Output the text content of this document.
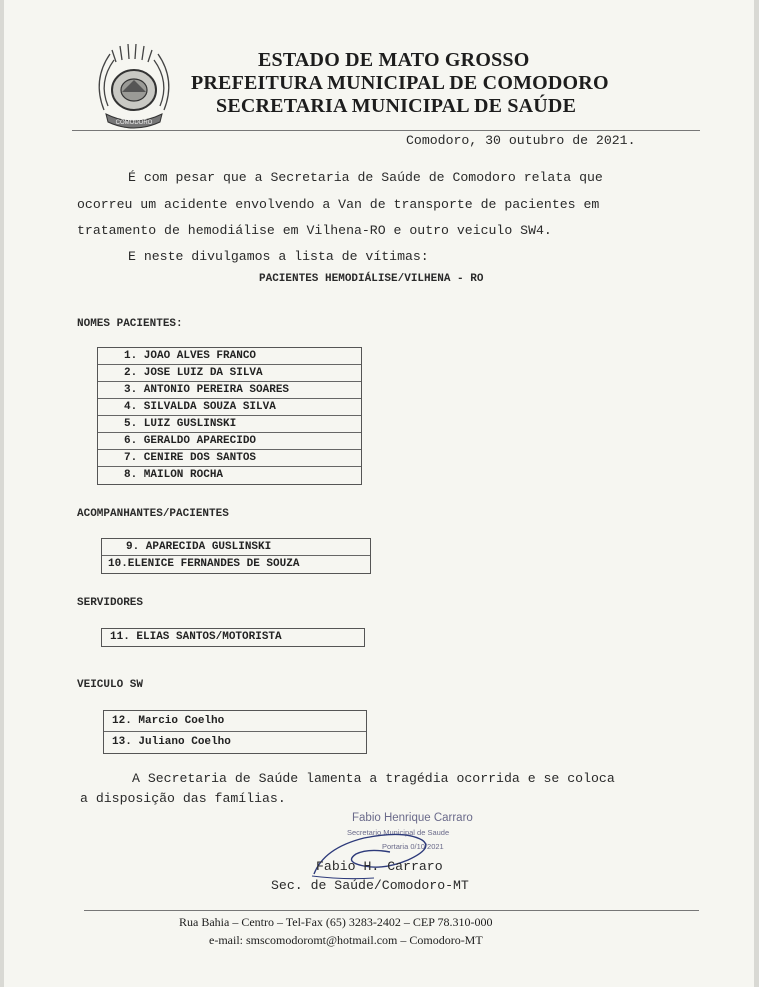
COMODORO
ESTADO DE MATO GROSSO
PREFEITURA MUNICIPAL DE COMODORO
SECRETARIA MUNICIPAL DE SAÚDE
Comodoro, 30 outubro de 2021.
É com pesar que a Secretaria de Saúde de Comodoro relata que
ocorreu um acidente envolvendo a Van de transporte de pacientes em
tratamento de hemodiálise em Vilhena-RO e outro veiculo SW4.
E neste divulgamos a lista de vítimas:
PACIENTES HEMODIÁLISE/VILHENA - RO
NOMES PACIENTES:
1. JOAO ALVES FRANCO
2. JOSE LUIZ DA SILVA
3. ANTONIO PEREIRA SOARES
4. SILVALDA SOUZA SILVA
5. LUIZ GUSLINSKI
6. GERALDO APARECIDO
7. CENIRE DOS SANTOS
8. MAILON ROCHA
ACOMPANHANTES/PACIENTES
9. APARECIDA GUSLINSKI
10.ELENICE FERNANDES DE SOUZA
SERVIDORES
11. ELIAS SANTOS/MOTORISTA
VEICULO SW
12. Marcio Coelho
13. Juliano Coelho
A Secretaria de Saúde lamenta a tragédia ocorrida e se coloca
a disposição das famílias.
Fabio Henrique Carraro
Secretario Municipal de Saude
Portaria 0/10/2021
Fabio H. Carraro
Sec. de Saúde/Comodoro-MT
Rua Bahia – Centro – Tel-Fax (65) 3283-2402 – CEP 78.310-000
e-mail: smscomodoromt@hotmail.com – Comodoro-MT
